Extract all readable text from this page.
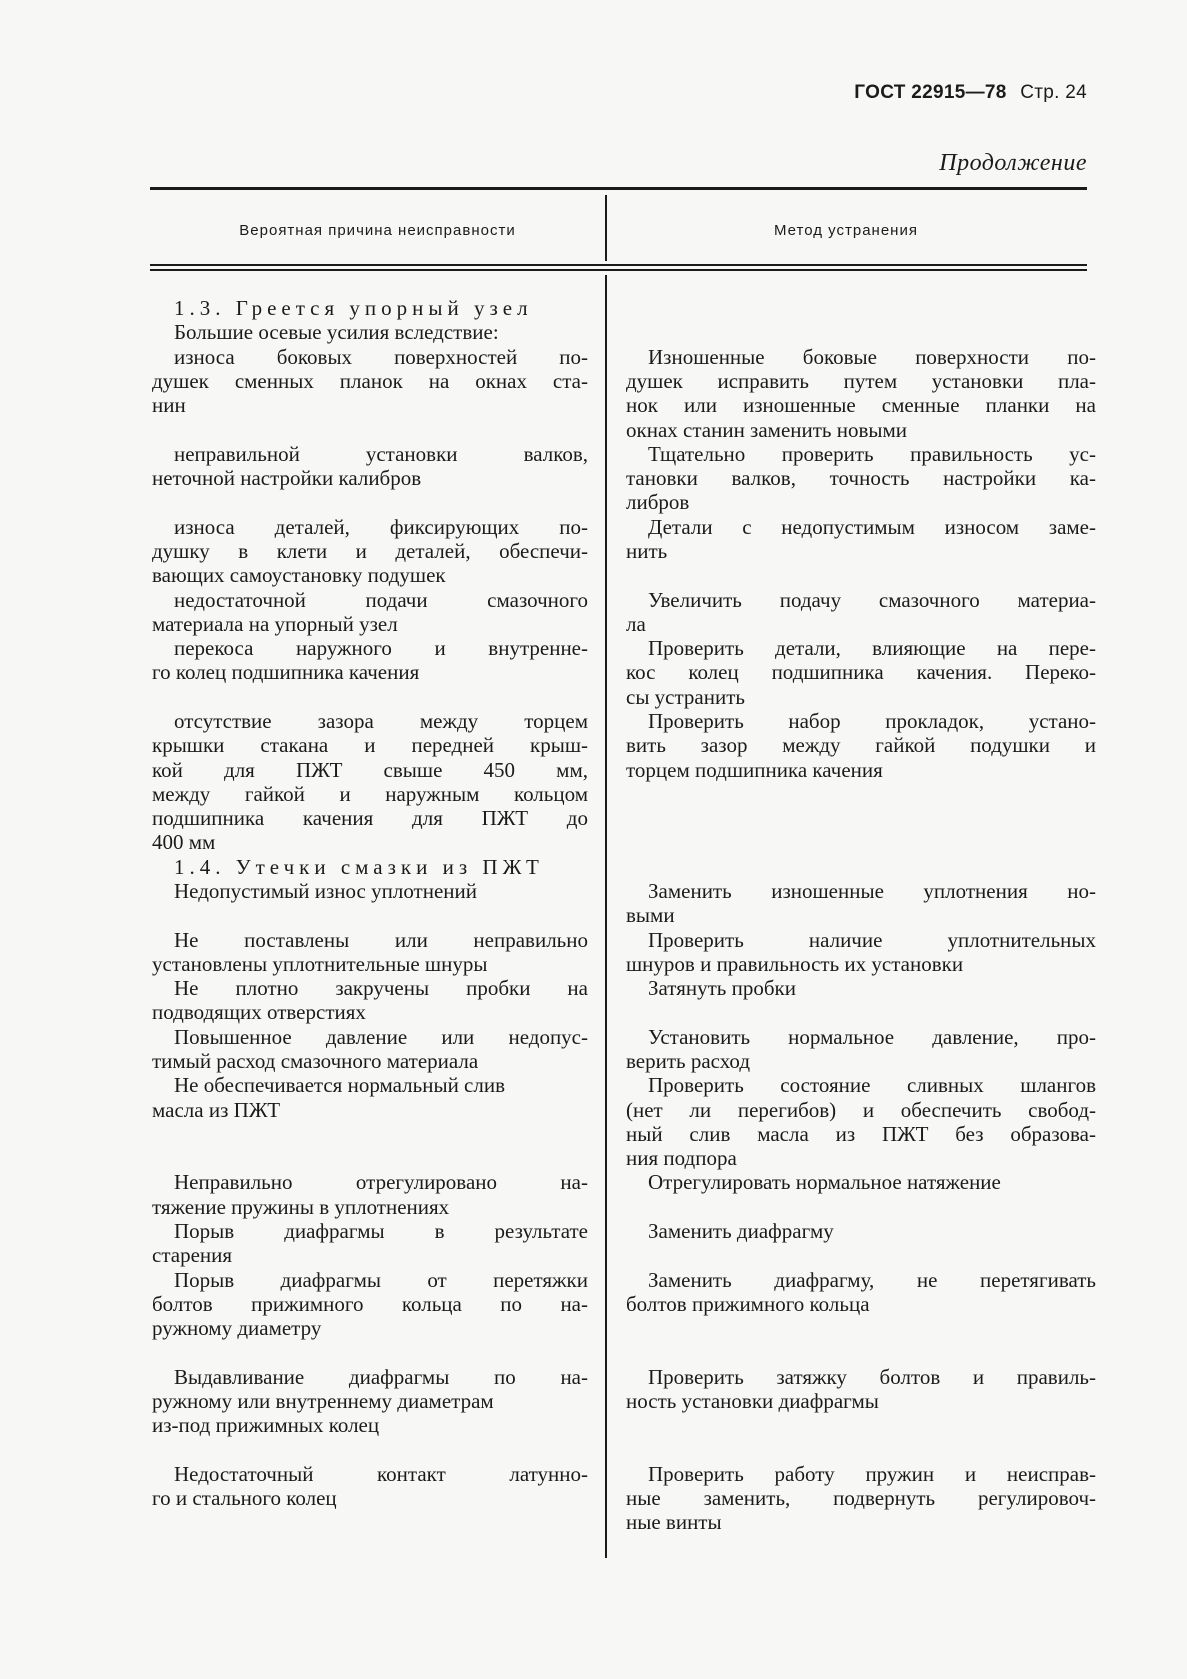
ГОСТ 22915—78 Стр. 24
Продолжение
Вероятная причина неисправности	Метод устранения
1.3. Греется упорный узел
Большие осевые усилия вследствие:
износа боковых поверхностей по-
душек сменных планок на окнах ста-
нин
неправильной установки валков,
неточной настройки калибров
износа деталей, фиксирующих по-
душку в клети и деталей, обеспечи-
вающих самоустановку подушек
недостаточной подачи смазочного
материала на упорный узел
перекоса наружного и внутренне-
го колец подшипника качения
отсутствие зазора между торцем
крышки стакана и передней крыш-
кой для ПЖТ свыше 450 мм,
между гайкой и наружным кольцом
подшипника качения для ПЖТ до
400 мм
1.4. Утечки смазки из ПЖТ
Недопустимый износ уплотнений
Не поставлены или неправильно
установлены уплотнительные шнуры
Не плотно закручены пробки на
подводящих отверстиях
Повышенное давление или недопус-
тимый расход смазочного материала
Не обеспечивается нормальный слив
масла из ПЖТ
Неправильно отрегулировано на-
тяжение пружины в уплотнениях
Порыв диафрагмы в результате
старения
Порыв диафрагмы от перетяжки
болтов прижимного кольца по на-
ружному диаметру
Выдавливание диафрагмы по на-
ружному или внутреннему диаметрам
из-под прижимных колец
Недостаточный контакт латунно-
го и стального колец
Изношенные боковые поверхности по-
душек исправить путем установки пла-
нок или изношенные сменные планки на
окнах станин заменить новыми
Тщательно проверить правильность ус-
тановки валков, точность настройки ка-
либров
Детали с недопустимым износом заме-
нить
Увеличить подачу смазочного материа-
ла
Проверить детали, влияющие на пере-
кос колец подшипника качения. Переко-
сы устранить
Проверить набор прокладок, устано-
вить зазор между гайкой подушки и
торцем подшипника качения
Заменить изношенные уплотнения но-
выми
Проверить наличие уплотнительных
шнуров и правильность их установки
Затянуть пробки
Установить нормальное давление, про-
верить расход
Проверить состояние сливных шлангов
(нет ли перегибов) и обеспечить свобод-
ный слив масла из ПЖТ без образова-
ния подпора
Отрегулировать нормальное натяжение
Заменить диафрагму
Заменить диафрагму, не перетягивать
болтов прижимного кольца
Проверить затяжку болтов и правиль-
ность установки диафрагмы
Проверить работу пружин и неисправ-
ные заменить, подвернуть регулировоч-
ные винты
